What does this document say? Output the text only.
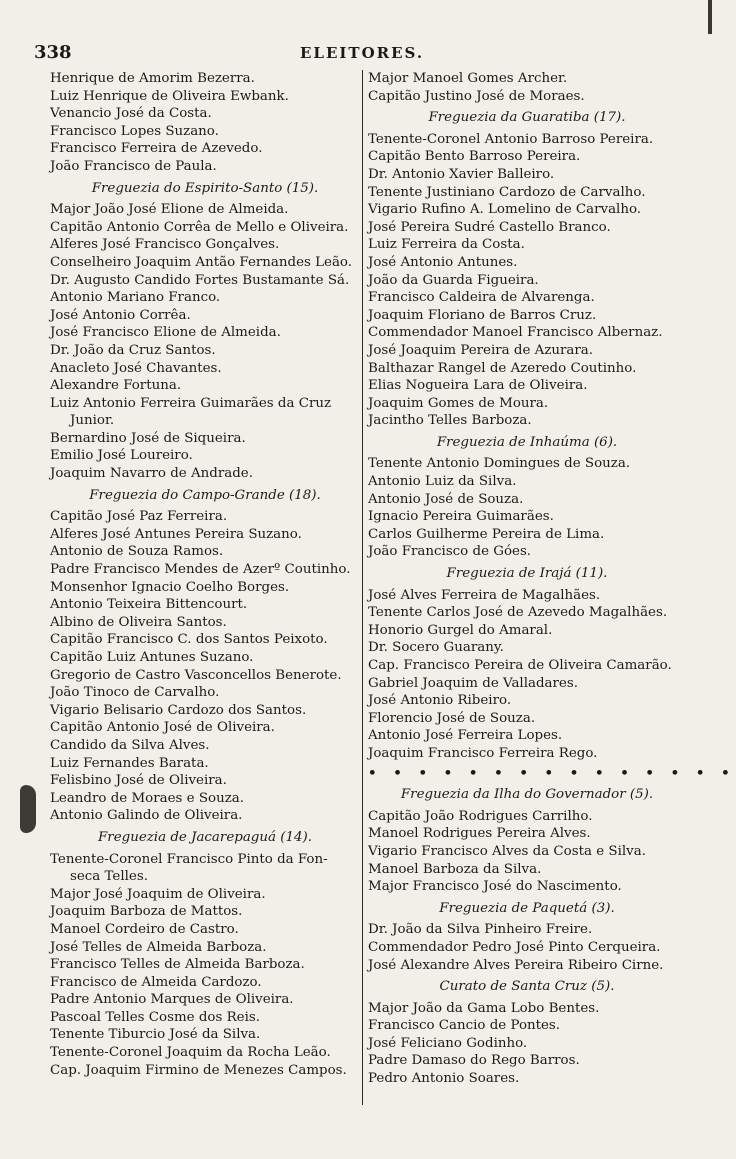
338	ELEITORES.
Henrique de Amorim Bezerra.
Luiz Henrique de Oliveira Ewbank.
Venancio José da Costa.
Francisco Lopes Suzano.
Francisco Ferreira de Azevedo.
João Francisco de Paula.
Freguezia do Espirito-Santo (15).
Major João José Elione de Almeida.
Capitão Antonio Corrêa de Mello e Oliveira.
Alferes José Francisco Gonçalves.
Conselheiro Joaquim Antão Fernandes Leão.
Dr. Augusto Candido Fortes Bustamante Sá.
Antonio Mariano Franco.
José Antonio Corrêa.
José Francisco Elione de Almeida.
Dr. João da Cruz Santos.
Anacleto José Chavantes.
Alexandre Fortuna.
Luiz Antonio Ferreira Guimarães da Cruz
Junior.
Bernardino José de Siqueira.
Emilio José Loureiro.
Joaquim Navarro de Andrade.
Freguezia do Campo-Grande (18).
Capitão José Paz Ferreira.
Alferes José Antunes Pereira Suzano.
Antonio de Souza Ramos.
Padre Francisco Mendes de Azerº Coutinho.
Monsenhor Ignacio Coelho Borges.
Antonio Teixeira Bittencourt.
Albino de Oliveira Santos.
Capitão Francisco C. dos Santos Peixoto.
Capitão Luiz Antunes Suzano.
Gregorio de Castro Vasconcellos Benerote.
João Tinoco de Carvalho.
Vigario Belisario Cardozo dos Santos.
Capitão Antonio José de Oliveira.
Candido da Silva Alves.
Luiz Fernandes Barata.
Felisbino José de Oliveira.
Leandro de Moraes e Souza.
Antonio Galindo de Oliveira.
Freguezia de Jacarepaguá (14).
Tenente-Coronel Francisco Pinto da Fon-
seca Telles.
Major José Joaquim de Oliveira.
Joaquim Barboza de Mattos.
Manoel Cordeiro de Castro.
José Telles de Almeida Barboza.
Francisco Telles de Almeida Barboza.
Francisco de Almeida Cardozo.
Padre Antonio Marques de Oliveira.
Pascoal Telles Cosme dos Reis.
Tenente Tiburcio José da Silva.
Tenente-Coronel Joaquim da Rocha Leão.
Cap. Joaquim Firmino de Menezes Campos.
Major Manoel Gomes Archer.
Capitão Justino José de Moraes.
Freguezia da Guaratiba (17).
Tenente-Coronel Antonio Barroso Pereira.
Capitão Bento Barroso Pereira.
Dr. Antonio Xavier Balleiro.
Tenente Justiniano Cardozo de Carvalho.
Vigario Rufino A. Lomelino de Carvalho.
José Pereira Sudré Castello Branco.
Luiz Ferreira da Costa.
José Antonio Antunes.
João da Guarda Figueira.
Francisco Caldeira de Alvarenga.
Joaquim Floriano de Barros Cruz.
Commendador Manoel Francisco Albernaz.
José Joaquim Pereira de Azurara.
Balthazar Rangel de Azeredo Coutinho.
Elias Nogueira Lara de Oliveira.
Joaquim Gomes de Moura.
Jacintho Telles Barboza.
Freguezia de Inhaúma (6).
Tenente Antonio Domingues de Souza.
Antonio Luiz da Silva.
Antonio José de Souza.
Ignacio Pereira Guimarães.
Carlos Guilherme Pereira de Lima.
João Francisco de Góes.
Freguezia de Irajá (11).
José Alves Ferreira de Magalhães.
Tenente Carlos José de Azevedo Magalhães.
Honorio Gurgel do Amaral.
Dr. Socero Guarany.
Cap. Francisco Pereira de Oliveira Camarão.
Gabriel Joaquim de Valladares.
José Antonio Ribeiro.
Florencio José de Souza.
Antonio José Ferreira Lopes.
Joaquim Francisco Ferreira Rego.
• • • • • • • • • • • • • • •
Freguezia da Ilha do Governador (5).
Capitão João Rodrigues Carrilho.
Manoel Rodrigues Pereira Alves.
Vigario Francisco Alves da Costa e Silva.
Manoel Barboza da Silva.
Major Francisco José do Nascimento.
Freguezia de Paquetá (3).
Dr. João da Silva Pinheiro Freire.
Commendador Pedro José Pinto Cerqueira.
José Alexandre Alves Pereira Ribeiro Cirne.
Curato de Santa Cruz (5).
Major João da Gama Lobo Bentes.
Francisco Cancio de Pontes.
José Feliciano Godinho.
Padre Damaso do Rego Barros.
Pedro Antonio Soares.
